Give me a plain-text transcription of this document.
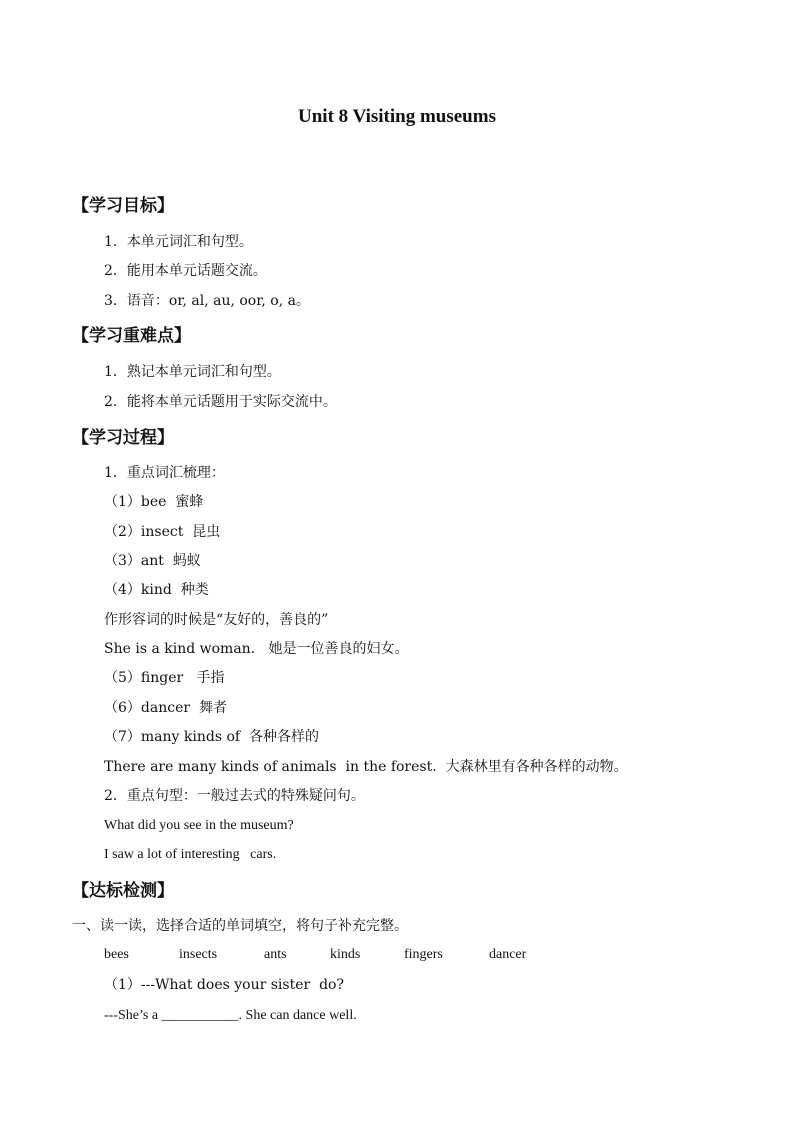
Unit 8 Visiting museums
【学习目标】
1．本单元词汇和句型。
2．能用本单元话题交流。
3．语音：or, al, au, oor, o, a。
【学习重难点】
1．熟记本单元词汇和句型。
2．能将本单元话题用于实际交流中。
【学习过程】
1．重点词汇梳理：
（1）bee  蜜蜂
（2）insect  昆虫
（3）ant  蚂蚁
（4）kind  种类
作形容词的时候是“友好的，善良的”
She is a kind woman.   她是一位善良的妇女。
（5）finger   手指
（6）dancer  舞者
（7）many kinds of  各种各样的
There are many kinds of animals  in the forest.  大森林里有各种各样的动物。
2．重点句型：一般过去式的特殊疑问句。
What did you see in the museum?
I saw a lot of interesting   cars.
【达标检测】
一、读一读，选择合适的单词填空，将句子补充完整。
bees	insects	ants	kinds	fingers	dancer
（1）---What does your sister  do?
---She’s a ___________. She can dance well.
